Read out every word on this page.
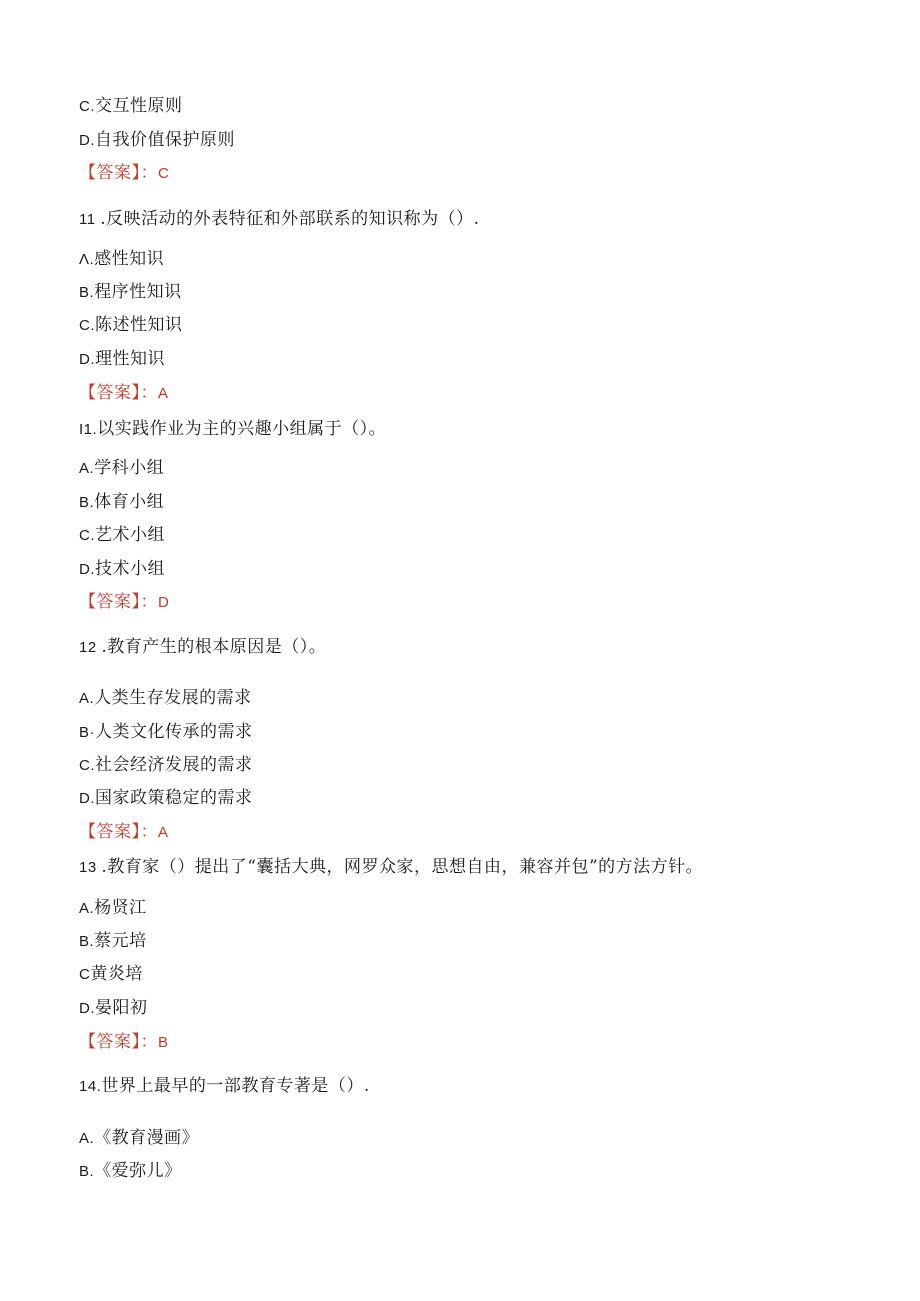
C.交互性原则
D.自我价值保护原则
【答案】：C
11 .反映活动的外表特征和外部联系的知识称为（）.
Λ.感性知识
B.程序性知识
C.陈述性知识
D.理性知识
【答案】：A
I1.以实践作业为主的兴趣小组属于（）。
A.学科小组
B.体育小组
C.艺术小组
D.技术小组
【答案】：D
12 .教育产生的根本原因是（）。
A.人类生存发展的需求
B·人类文化传承的需求
C.社会经济发展的需求
D.国家政策稳定的需求
【答案】：A
13 .教育家（）提出了“囊括大典，网罗众家，思想自由，兼容并包”的方法方针。
A.杨贤江
B.蔡元培
C黄炎培
D.晏阳初
【答案】：B
14.世界上最早的一部教育专著是（）.
A.《教育漫画》
B.《爱弥儿》
